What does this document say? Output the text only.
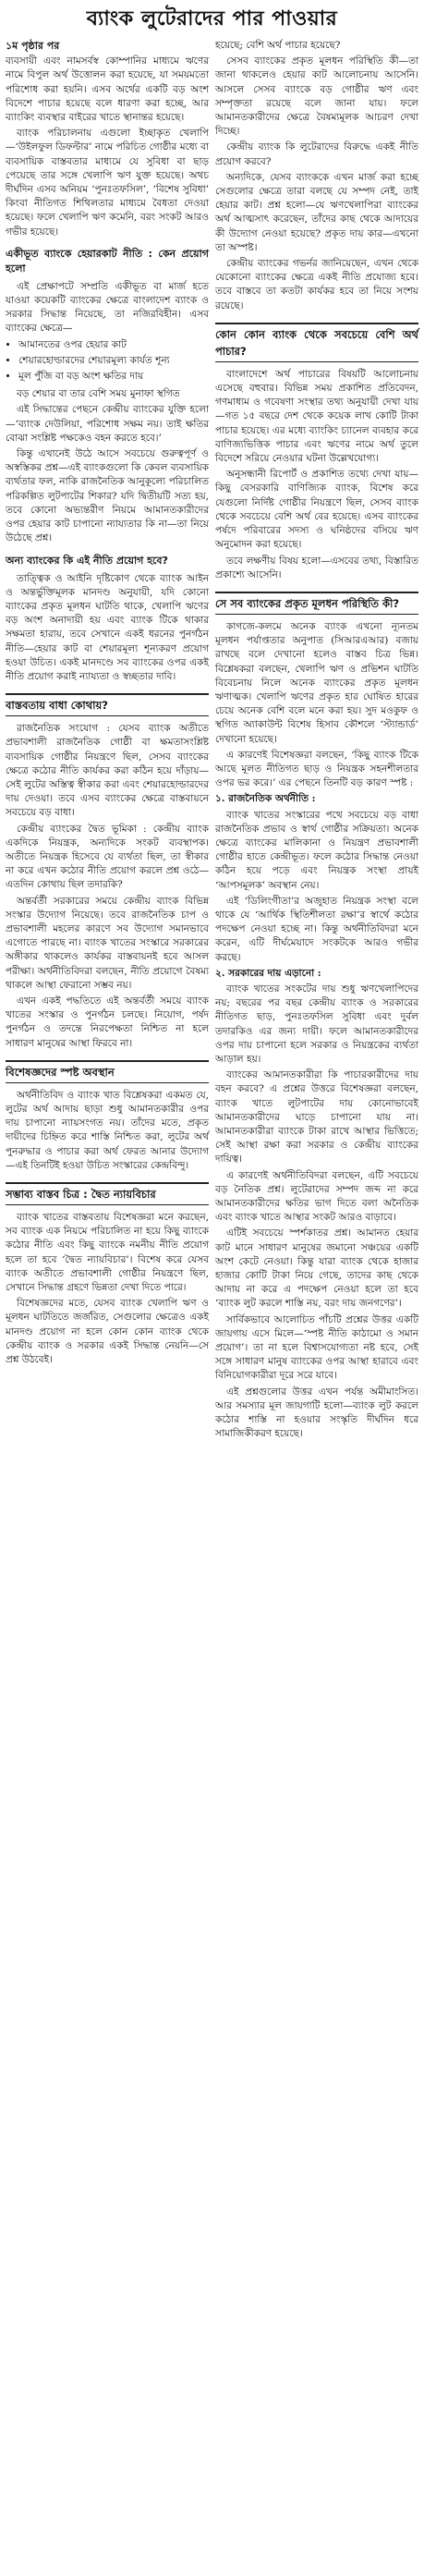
ব্যাংক লুটেরাদের পার পাওয়ার
১ম পৃষ্ঠার পর

ব্যবসায়ী এবং নামসর্বস্ব কোম্পানির মাধ্যমে ঋণের নামে বিপুল অর্থ উত্তোলন করা হয়েছে, যা সময়মতো পরিশোধ করা হয়নি। এসব অর্থের একটি বড় অংশ বিদেশে পাচার হয়েছে বলে ধারণা করা হচ্ছে, আর ব্যাংকিং ব্যবস্থার বাইরের খাতে স্থানান্তর হয়েছে।

ব্যাংক পরিচালনায় এগুলো ইচ্ছাকৃত খেলাপি—‘উইলফুল ডিফল্টার’ নামে পরিচিত গোষ্ঠীর মধ্যে বা ব্যবসায়িক বাস্তবতার মাধ্যমে যে সুবিধা বা ছাড় পেয়েছে তার সঙ্গে খেলাপি ঋণ যুক্ত হয়েছে। অথচ দীর্ঘদিন এসব অনিয়ম ‘পুনঃতফসিল’, ‘বিশেষ সুবিধা’ কিংবা নীতিগত শিথিলতার মাধ্যমে বৈধতা দেওয়া হয়েছে। ফলে খেলাপি ঋণ কমেনি, বরং সংকট আরও গভীর হয়েছে।

একীভূত ব্যাংকে হেয়ারকাট নীতি : কেন প্রয়োগ হলো

এই প্রেক্ষাপটে সম্প্রতি একীভূত বা মার্জ হতে যাওয়া কয়েকটি ব্যাংকের ক্ষেত্রে বাংলাদেশ ব্যাংক ও সরকার সিদ্ধান্ত নিয়েছে, তা নজিরবিহীন। এসব ব্যাংকের ক্ষেত্রে—

• আমানতের ওপর হেয়ার কাট
• শেয়ারহোল্ডারদের শেয়ারমূল্য কার্যত শূন্য
• মূল পুঁজি বা বড় অংশ ক্ষতির দায়

বড় শেয়ার বা তার বেশি সময় মুনাফা স্থগিত

এই সিদ্ধান্তের পেছনে কেন্দ্রীয় ব্যাংকের যুক্তি হলো—‘ব্যাংক দেউলিয়া, পরিশোধ সক্ষম নয়। তাই ক্ষতির বোঝা সংশ্লিষ্ট পক্ষকেও বহন করতে হবে।’

কিন্তু এখানেই উঠে আসে সবচেয়ে গুরুত্বপূর্ণ ও অস্বস্তিকর প্রশ্ন—এই ব্যাংকগুলো কি কেবল ব্যবসায়িক ব্যর্থতার ফল, নাকি রাজনৈতিক আনুকূল্যে পরিচালিত পরিকল্পিত লুটপাটের শিকার? যদি দ্বিতীয়টি সত্য হয়, তবে কোনো অভ্যন্তরীণ নিয়মে আমানতকারীদের ওপর হেয়ার কাট চাপানো ন্যায্যতার কি না—তা নিয়ে উঠেছে প্রশ্ন।

অন্য ব্যাংকের কি এই নীতি প্রয়োগ হবে?

তাত্ত্বিক ও আইনি দৃষ্টিকোণ থেকে ব্যাংক আইন ও অন্তর্ভুক্তিমূলক মানদণ্ড অনুযায়ী, যদি কোনো ব্যাংকের প্রকৃত মূলধন ঘাটতি থাকে, খেলাপি ঋণের বড় অংশ অনাদায়ী হয় এবং ব্যাংক টিকে থাকার সক্ষমতা হারায়, তবে সেখানে একই ধরনের পুনর্গঠন নীতি—হেয়ার কাট বা শেয়ারমূল্য শূন্যকরণ প্রয়োগ হওয়া উচিত। একই মানদণ্ডে সব ব্যাংকের ওপর একই নীতি প্রয়োগ করাই ন্যায্যতা ও স্বচ্ছতার দাবি।

বাস্তবতায় বাধা কোথায়?

রাজনৈতিক সংযোগ : যেসব ব্যাংক অতীতে প্রভাবশালী রাজনৈতিক গোষ্ঠী বা ক্ষমতাসংশ্লিষ্ট ব্যবসায়িক গোষ্ঠীর নিয়ন্ত্রণে ছিল, সেসব ব্যাংকের ক্ষেত্রে কঠোর নীতি কার্যকর করা কঠিন হয়ে দাঁড়ায়—সেই লুটের অস্তিত্ব স্বীকার করা এবং শেয়ারহোল্ডারদের দায় দেওয়া। তবে এসব ব্যাংকের ক্ষেত্রে বাস্তবায়নে সবচেয়ে বড় বাধা।

কেন্দ্রীয় ব্যাংকের দ্বৈত ভূমিকা : কেন্দ্রীয় ব্যাংক একদিকে নিয়ন্ত্রক, অন্যদিকে সংকট ব্যবস্থাপক। অতীতে নিয়ন্ত্রক হিসেবে যে ব্যর্থতা ছিল, তা স্বীকার না করে এখন কঠোর নীতি প্রয়োগ করলে প্রশ্ন ওঠে—এতদিন কোথায় ছিল তদারকি?

অন্তর্বর্তী সরকারের সময়ে কেন্দ্রীয় ব্যাংক বিভিন্ন সংস্কার উদ্যোগ নিয়েছে। তবে রাজনৈতিক চাপ ও প্রভাবশালী মহলের কারণে সব উদ্যোগ সমানভাবে এগোতে পারছে না। ব্যাংক খাতের সংস্কারে সরকারের অঙ্গীকার থাকলেও কার্যকর বাস্তবায়নই হবে আসল পরীক্ষা। অর্থনীতিবিদরা বলছেন, নীতি প্রয়োগে বৈষম্য থাকলে আস্থা ফেরানো সম্ভব নয়।

এখন একই পদ্ধতিতে এই অন্তর্বর্তী সময়ে ব্যাংক খাতের সংস্কার ও পুনর্গঠন চলছে। নিয়োগ, পর্ষদ পুনর্গঠন ও তদন্তে নিরপেক্ষতা নিশ্চিত না হলে সাধারণ মানুষের আস্থা ফিরবে না।

বিশেষজ্ঞদের স্পষ্ট অবস্থান

অর্থনীতিবিদ ও ব্যাংক খাত বিশ্লেষকরা একমত যে, লুটের অর্থ আদায় ছাড়া শুধু আমানতকারীর ওপর দায় চাপানো ন্যায়সংগত নয়। তাঁদের মতে, প্রকৃত দায়ীদের চিহ্নিত করে শাস্তি নিশ্চিত করা, লুটের অর্থ পুনরুদ্ধার ও পাচার করা অর্থ ফেরত আনার উদ্যোগ—এই তিনটিই হওয়া উচিত সংস্কারের কেন্দ্রবিন্দু।

সম্ভাব্য বাস্তব চিত্র : দ্বৈত ন্যায়বিচার

ব্যাংক খাতের বাস্তবতায় বিশেষজ্ঞরা মনে করছেন, সব ব্যাংক এক নিয়মে পরিচালিত না হয়ে কিছু ব্যাংকে কঠোর নীতি এবং কিছু ব্যাংকে নমনীয় নীতি প্রয়োগ হলে তা হবে ‘দ্বৈত ন্যায়বিচার’। বিশেষ করে যেসব ব্যাংক অতীতে প্রভাবশালী গোষ্ঠীর নিয়ন্ত্রণে ছিল, সেখানে সিদ্ধান্ত গ্রহণে ভিন্নতা দেখা দিতে পারে।

বিশেষজ্ঞদের মতে, যেসব ব্যাংক খেলাপি ঋণ ও মূলধন ঘাটতিতে জর্জরিত, সেগুলোর ক্ষেত্রেও একই মানদণ্ড প্রয়োগ না হলে কোন কোন ব্যাংক থেকে কেন্দ্রীয় ব্যাংক ও সরকার একই সিদ্ধান্ত নেয়নি—সে প্রশ্ন উঠবেই।

হয়েছে; বেশি অর্থ পাচার হয়েছে?

সেসব ব্যাংকের প্রকৃত মূলধন পরিস্থিতি কী—তা জানা থাকলেও হেয়ার কাট আলোচনায় আসেনি। আসলে সেসব ব্যাংকে বড় গোষ্ঠীর ঋণ এবং সম্পৃক্ততা রয়েছে বলে জানা যায়। ফলে আমানতকারীদের ক্ষেত্রে বৈষম্যমূলক আচরণ দেখা দিচ্ছে।

কেন্দ্রীয় ব্যাংক কি লুটেরাদের বিরুদ্ধে একই নীতি প্রয়োগ করবে?

অন্যদিকে, যেসব ব্যাংককে এখন মার্জ করা হচ্ছে সেগুলোর ক্ষেত্রে তারা বলছে যে সম্পদ নেই, তাই হেয়ার কাট। প্রশ্ন হলো—যে ঋণখেলাপিরা ব্যাংকের অর্থ আত্মসাৎ করেছেন, তাঁদের কাছ থেকে আদায়ের কী উদ্যোগ নেওয়া হয়েছে? প্রকৃত দায় কার—এখনো তা অস্পষ্ট।

কেন্দ্রীয় ব্যাংকের গভর্নর জানিয়েছেন, এখন থেকে যেকোনো ব্যাংকের ক্ষেত্রে একই নীতি প্রযোজ্য হবে। তবে বাস্তবে তা কতটা কার্যকর হবে তা নিয়ে সংশয় রয়েছে।

কোন কোন ব্যাংক থেকে সবচেয়ে বেশি অর্থ পাচার?

বাংলাদেশে অর্থ পাচারের বিষয়টি আলোচনায় এসেছে বহুবার। বিভিন্ন সময় প্রকাশিত প্রতিবেদন, গণমাধ্যম ও গবেষণা সংস্থার তথ্য অনুযায়ী দেখা যায়—গত ১৫ বছরে দেশ থেকে কয়েক লাখ কোটি টাকা পাচার হয়েছে। এর মধ্যে ব্যাংকিং চ্যানেল ব্যবহার করে বাণিজ্যভিত্তিক পাচার এবং ঋণের নামে অর্থ তুলে বিদেশে সরিয়ে নেওয়ার ঘটনা উল্লেখযোগ্য।

অনুসন্ধানী রিপোর্ট ও প্রকাশিত তথ্যে দেখা যায়—কিছু বেসরকারি বাণিজ্যিক ব্যাংক, বিশেষ করে যেগুলো নির্দিষ্ট গোষ্ঠীর নিয়ন্ত্রণে ছিল, সেসব ব্যাংক থেকে সবচেয়ে বেশি অর্থ বের হয়েছে। এসব ব্যাংকের পর্ষদে পরিবারের সদস্য ও ঘনিষ্ঠদের বসিয়ে ঋণ অনুমোদন করা হয়েছে।

তবে লক্ষণীয় বিষয় হলো—এসবের তথ্য, বিস্তারিত প্রকাশ্যে আসেনি।

সে সব ব্যাংকের প্রকৃত মূলধন পরিস্থিতি কী?

কাগজে-কলমে অনেক ব্যাংক এখনো ন্যূনতম মূলধন পর্যাপ্ততার অনুপাত (সিআরএআর) বজায় রাখছে বলে দেখানো হলেও বাস্তব চিত্র ভিন্ন। বিশ্লেষকরা বলছেন, খেলাপি ঋণ ও প্রভিশন ঘাটতি বিবেচনায় নিলে অনেক ব্যাংকের প্রকৃত মূলধন ঋণাত্মক। খেলাপি ঋণের প্রকৃত হার ঘোষিত হারের চেয়ে অনেক বেশি বলে মনে করা হয়। সুদ মওকুফ ও স্থগিত অ্যাকাউন্ট বিশেষ হিসাব কৌশলে ‘স্ট্যান্ডার্ড’ দেখানো হয়েছে।

এ কারণেই বিশেষজ্ঞরা বলছেন, ‘কিছু ব্যাংক টিকে আছে মূলত নীতিগত ছাড় ও নিয়ন্ত্রক সহনশীলতার ওপর ভর করে।’ এর পেছনে তিনটি বড় কারণ স্পষ্ট :

১. রাজনৈতিক অর্থনীতি :

ব্যাংক খাতের সংস্কারের পথে সবচেয়ে বড় বাধা রাজনৈতিক প্রভাব ও স্বার্থ গোষ্ঠীর সক্রিয়তা। অনেক ক্ষেত্রে ব্যাংকের মালিকানা ও নিয়ন্ত্রণ প্রভাবশালী গোষ্ঠীর হাতে কেন্দ্রীভূত। ফলে কঠোর সিদ্ধান্ত নেওয়া কঠিন হয়ে পড়ে এবং নিয়ন্ত্রক সংস্থা প্রায়ই ‘আপসমূলক’ অবস্থান নেয়।

এই ‘ডিলিংগীতা’র অজুহাত নিয়ন্ত্রক সংস্থা বলে থাকে যে ‘আর্থিক স্থিতিশীলতা রক্ষা’র স্বার্থে কঠোর পদক্ষেপ নেওয়া হচ্ছে না। কিন্তু অর্থনীতিবিদরা মনে করেন, এটি দীর্ঘমেয়াদে সংকটকে আরও গভীর করছে।

২. সরকারের দায় এড়ানো :

ব্যাংক খাতের সংকটের দায় শুধু ঋণখেলাপিদের নয়; বছরের পর বছর কেন্দ্রীয় ব্যাংক ও সরকারের নীতিগত ছাড়, পুনঃতফসিল সুবিধা এবং দুর্বল তদারকিও এর জন্য দায়ী। ফলে আমানতকারীদের ওপর দায় চাপানো হলে সরকার ও নিয়ন্ত্রকের ব্যর্থতা আড়াল হয়।

ব্যাংকের আমানতকারীরা কি পাচারকারীদের দায় বহন করবে? এ প্রশ্নের উত্তরে বিশেষজ্ঞরা বলছেন, ব্যাংক খাতে লুটপাটের দায় কোনোভাবেই আমানতকারীদের ঘাড়ে চাপানো যায় না। আমানতকারীরা ব্যাংকে টাকা রাখে আস্থার ভিত্তিতে; সেই আস্থা রক্ষা করা সরকার ও কেন্দ্রীয় ব্যাংকের দায়িত্ব।

এ কারণেই অর্থনীতিবিদরা বলছেন, এটি সবচেয়ে বড় নৈতিক প্রশ্ন। লুটেরাদের সম্পদ জব্দ না করে আমানতকারীদের ক্ষতির ভাগ দিতে বলা অনৈতিক এবং ব্যাংক খাতে আস্থার সংকট আরও বাড়াবে।

এটিই সবচেয়ে স্পর্শকাতর প্রশ্ন। আমানত হেয়ার কাট মানে সাধারণ মানুষের জমানো সঞ্চয়ের একটি অংশ কেটে নেওয়া। কিন্তু যারা ব্যাংক থেকে হাজার হাজার কোটি টাকা নিয়ে গেছে, তাদের কাছ থেকে আদায় না করে এ পদক্ষেপ নেওয়া হলে তা হবে ‘ব্যাংক লুট করলে শাস্তি নয়, বরং দায় জনগণের’।

সার্বিকভাবে আলোচিত পাঁচটি প্রশ্নের উত্তর একটি জায়গায় এসে মিলে—‘স্পষ্ট নীতি কাঠামো ও সমান প্রয়োগ’। তা না হলে বিশ্বাসযোগ্যতা নষ্ট হবে, সেই সঙ্গে সাধারণ মানুষ ব্যাংকের ওপর আস্থা হারাবে এবং বিনিয়োগকারীরা দূরে সরে যাবে।

এই প্রশ্নগুলোর উত্তর এখন পর্যন্ত অমীমাংসিত। আর সমস্যার মূল জায়গাটি হলো—ব্যাংক লুট করলে কঠোর শাস্তি না হওয়ার সংস্কৃতি দীর্ঘদিন ধরে সামাজিকীকরণ হয়েছে।
